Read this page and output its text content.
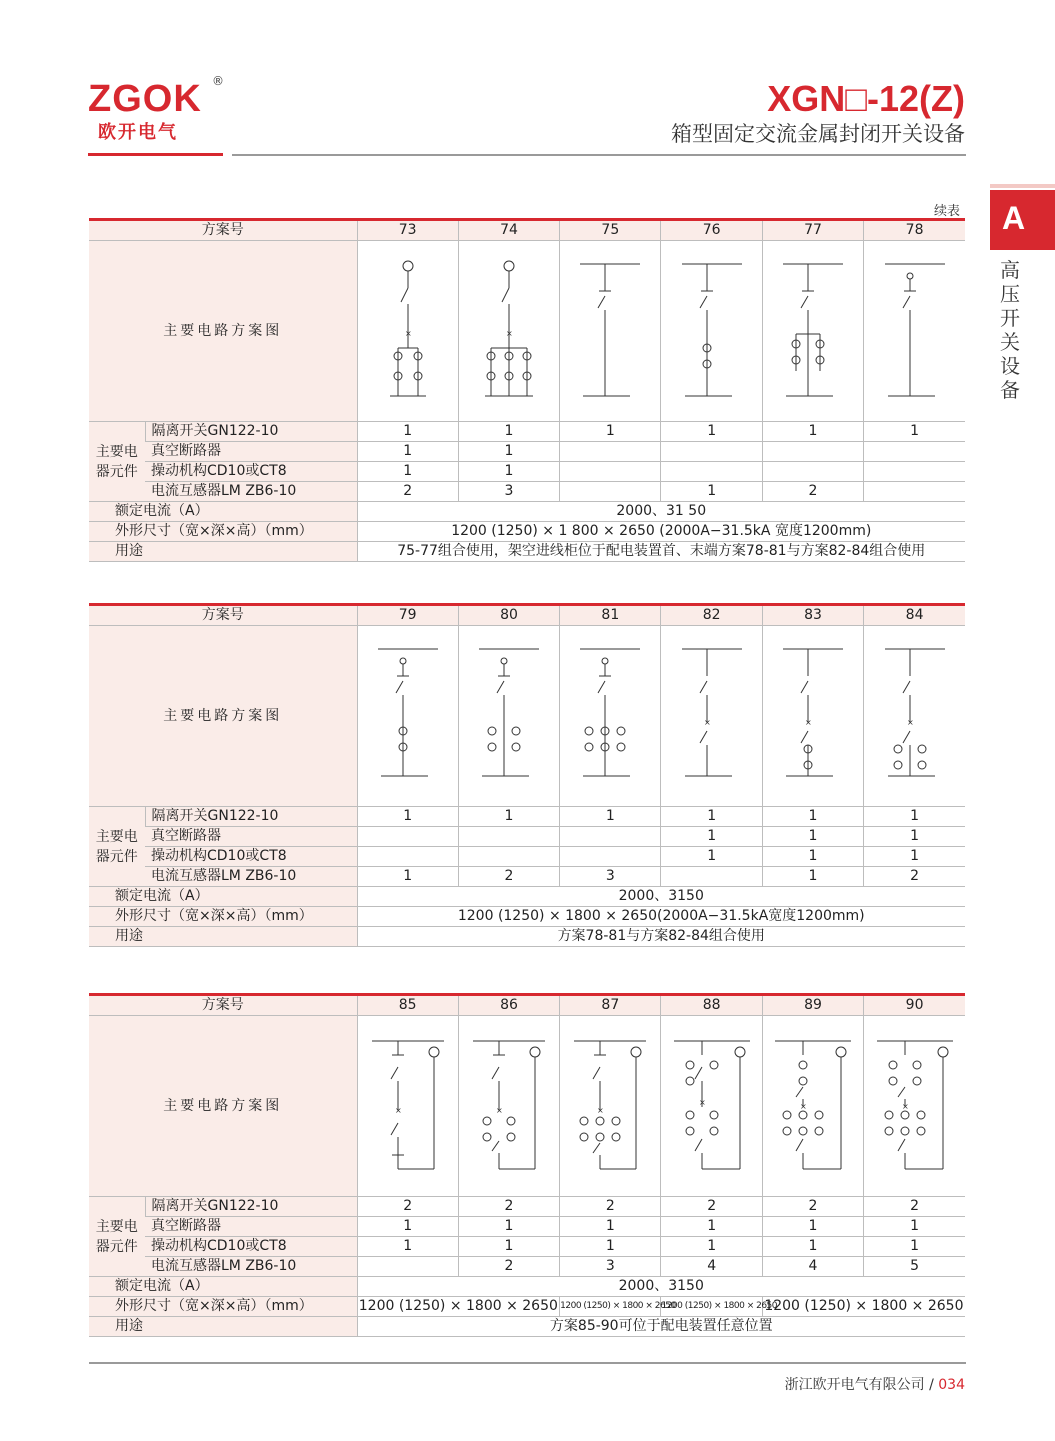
ZGOK ®
欧开电气
XGN□-12(Z)
箱型固定交流金属封闭开关设备
A
高压开关设备
续表
方案号		73	74	75	76	77	78
主要电路方案图		×	×

主要电器元件	隔离开关GN122-10	1	1	1	1	1	1
	真空断路器	1	1				
	操动机构CD10或CT8	1	1				
	电流互感器LM ZB6-10	2	3		1	2	
额定电流（A）		2000、31 50					
外形尺寸（宽×深×高）（mm）		1200 (1250) × 1 800 × 2650 (2000A−31.5kA 宽度1200mm)					
用途		75-77组合使用，架空进线柜位于配电装置首、末端方案78-81与方案82-84组合使用					
方案号		79	80	81	82	83	84
主要电路方案图					×	×	×

主要电器元件	隔离开关GN122-10	1	1	1	1	1	1
	真空断路器				1	1	1
	操动机构CD10或CT8				1	1	1
	电流互感器LM ZB6-10	1	2	3		1	2
额定电流（A）		2000、3150					
外形尺寸（宽×深×高）（mm）		1200 (1250) × 1800 × 2650(2000A−31.5kA宽度1200mm)					
用途		方案78-81与方案82-84组合使用					
方案号		85	86	87	88	89	90
主要电路方案图		×	×	×	×	×	×

主要电器元件	隔离开关GN122-10	2	2	2	2	2	2
	真空断路器	1	1	1	1	1	1
	操动机构CD10或CT8	1	1	1	1	1	1
	电流互感器LM ZB6-10		2	3	4	4	5
额定电流（A）		2000、3150					
外形尺寸（宽×深×高）（mm）		1200 (1250) × 1800 × 2650		1200 (1250) × 1800 × 2650	1200 (1250) × 1800 × 2650	1200 (1250) × 1800 × 2650	
用途		方案85-90可位于配电装置任意位置					
浙江欧开电气有限公司 / 034
